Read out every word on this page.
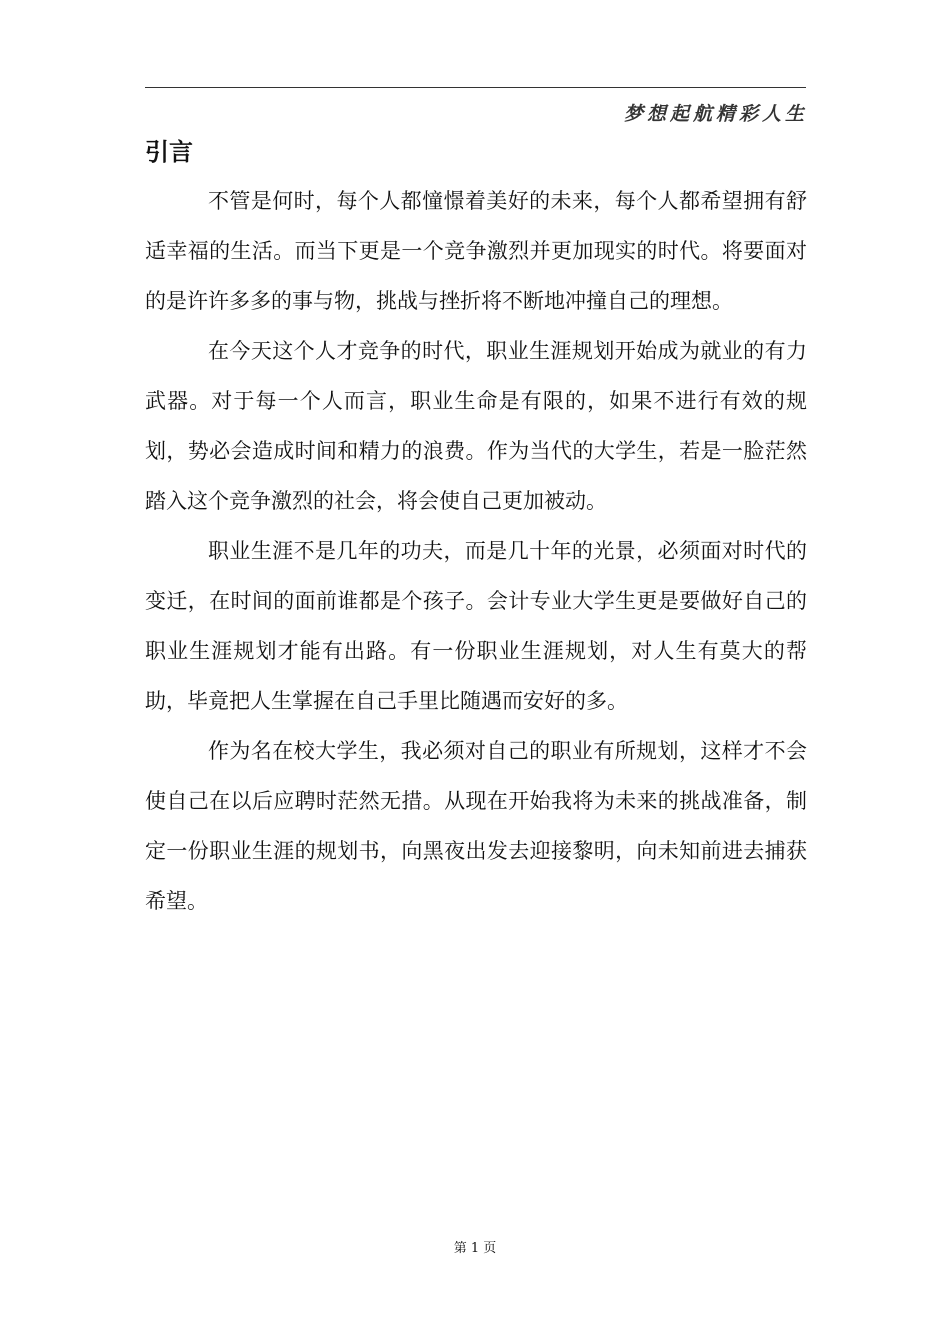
梦想起航精彩人生
引言

不管是何时，每个人都憧憬着美好的未来，每个人都希望拥有舒适幸福的生活。而当下更是一个竞争激烈并更加现实的时代。将要面对的是许许多多的事与物，挑战与挫折将不断地冲撞自己的理想。

在今天这个人才竞争的时代，职业生涯规划开始成为就业的有力武器。对于每一个人而言，职业生命是有限的，如果不进行有效的规划，势必会造成时间和精力的浪费。作为当代的大学生，若是一脸茫然踏入这个竞争激烈的社会，将会使自己更加被动。

职业生涯不是几年的功夫，而是几十年的光景，必须面对时代的变迁，在时间的面前谁都是个孩子。会计专业大学生更是要做好自己的职业生涯规划才能有出路。有一份职业生涯规划，对人生有莫大的帮助，毕竟把人生掌握在自己手里比随遇而安好的多。

作为名在校大学生，我必须对自己的职业有所规划，这样才不会使自己在以后应聘时茫然无措。从现在开始我将为未来的挑战准备，制定一份职业生涯的规划书，向黑夜出发去迎接黎明，向未知前进去捕获希望。

第 1 页
